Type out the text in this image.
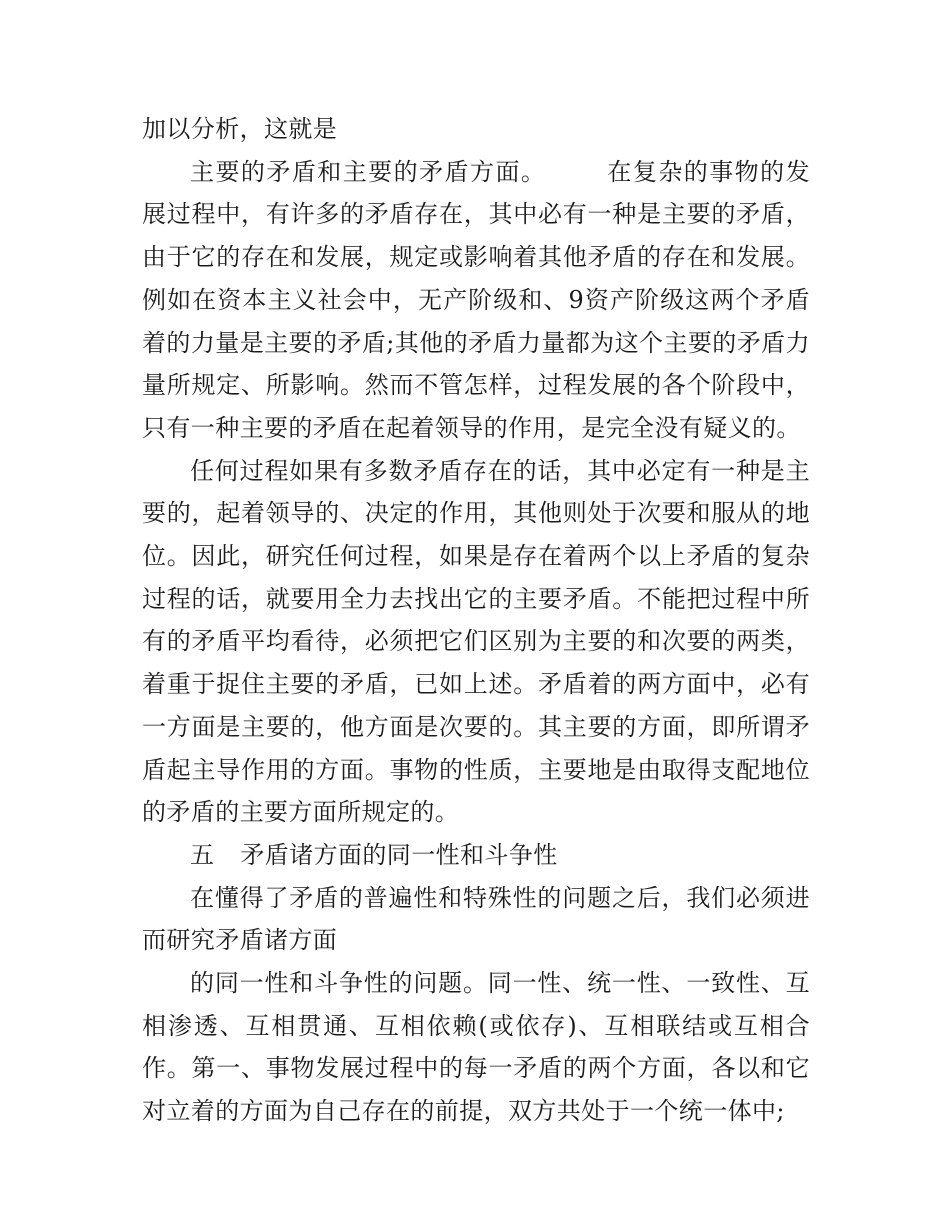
加以分析，这就是

主要的矛盾和主要的矛盾方面。	在复杂的事物的发展过程中，有许多的矛盾存在，其中必有一种是主要的矛盾，由于它的存在和发展，规定或影响着其他矛盾的存在和发展。例如在资本主义社会中，无产阶级和、9资产阶级这两个矛盾着的力量是主要的矛盾;其他的矛盾力量都为这个主要的矛盾力量所规定、所影响。然而不管怎样，过程发展的各个阶段中，只有一种主要的矛盾在起着领导的作用，是完全没有疑义的。

任何过程如果有多数矛盾存在的话，其中必定有一种是主要的，起着领导的、决定的作用，其他则处于次要和服从的地位。因此，研究任何过程，如果是存在着两个以上矛盾的复杂过程的话，就要用全力去找出它的主要矛盾。不能把过程中所有的矛盾平均看待，必须把它们区别为主要的和次要的两类，着重于捉住主要的矛盾，已如上述。矛盾着的两方面中，必有一方面是主要的，他方面是次要的。其主要的方面，即所谓矛盾起主导作用的方面。事物的性质，主要地是由取得支配地位的矛盾的主要方面所规定的。

五 矛盾诸方面的同一性和斗争性

在懂得了矛盾的普遍性和特殊性的问题之后，我们必须进而研究矛盾诸方面

的同一性和斗争性的问题。同一性、统一性、一致性、互相渗透、互相贯通、互相依赖(或依存)、互相联结或互相合作。第一、事物发展过程中的每一矛盾的两个方面，各以和它对立着的方面为自己存在的前提，双方共处于一个统一体中;
